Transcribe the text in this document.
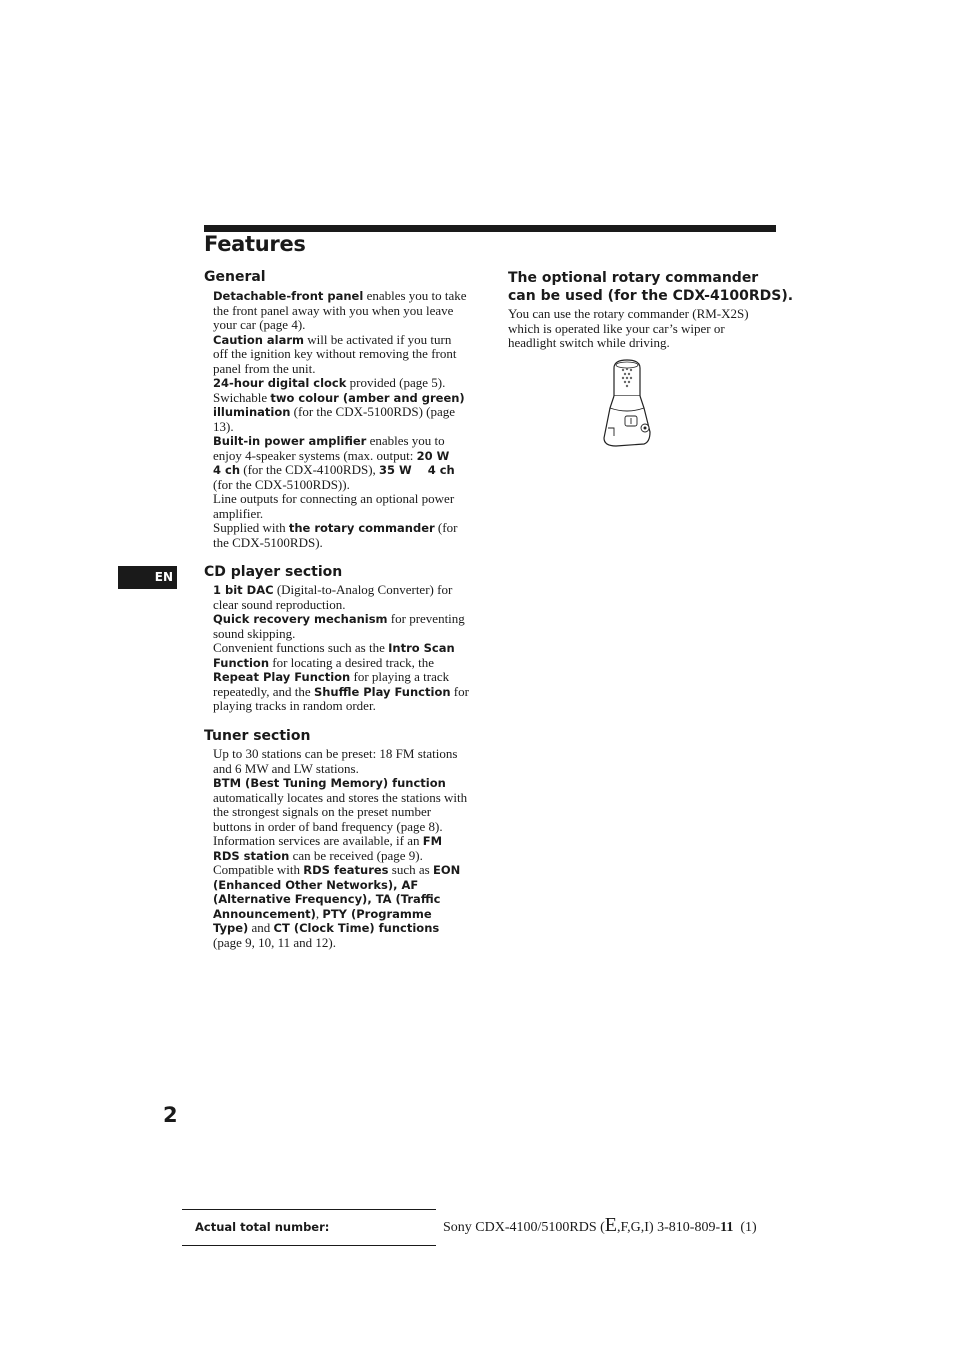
Features
General

Detachable-front panel enables you to take the front panel away with you when you leave your car (page 4).

Caution alarm will be activated if you turn off the ignition key without removing the front panel from the unit.

24-hour digital clock provided (page 5).

Swichable two colour (amber and green) illumination (for the CDX-5100RDS) (page 13).

Built-in power amplifier enables you to enjoy 4-speaker systems (max. output: 20 W    4 ch (for the CDX-4100RDS), 35 W    4 ch (for the CDX-5100RDS)).

Line outputs for connecting an optional power amplifier.

Supplied with the rotary commander (for the CDX-5100RDS).

EN CD player section

1 bit DAC (Digital-to-Analog Converter) for clear sound reproduction.

Quick recovery mechanism for preventing sound skipping.

Convenient functions such as the Intro Scan Function for locating a desired track, the Repeat Play Function for playing a track repeatedly, and the Shuffle Play Function for playing tracks in random order.

Tuner section

Up to 30 stations can be preset: 18 FM stations and 6 MW and LW stations.

BTM (Best Tuning Memory) function automatically locates and stores the stations with the strongest signals on the preset number buttons in order of band frequency (page 8).

Information services are available, if an FM RDS station can be received (page 9).

Compatible with RDS features such as EON (Enhanced Other Networks), AF (Alternative Frequency), TA (Traffic Announcement), PTY (Programme Type) and CT (Clock Time) functions (page 9, 10, 11 and 12).

The optional rotary commander
can be used (for the CDX-4100RDS).
You can use the rotary commander (RM-X2S) which is operated like your car’s wiper or headlight switch while driving.
2
Actual total number:	Sony CDX-4100/5100RDS (E,F,G,I) 3-810-809-11  (1)
